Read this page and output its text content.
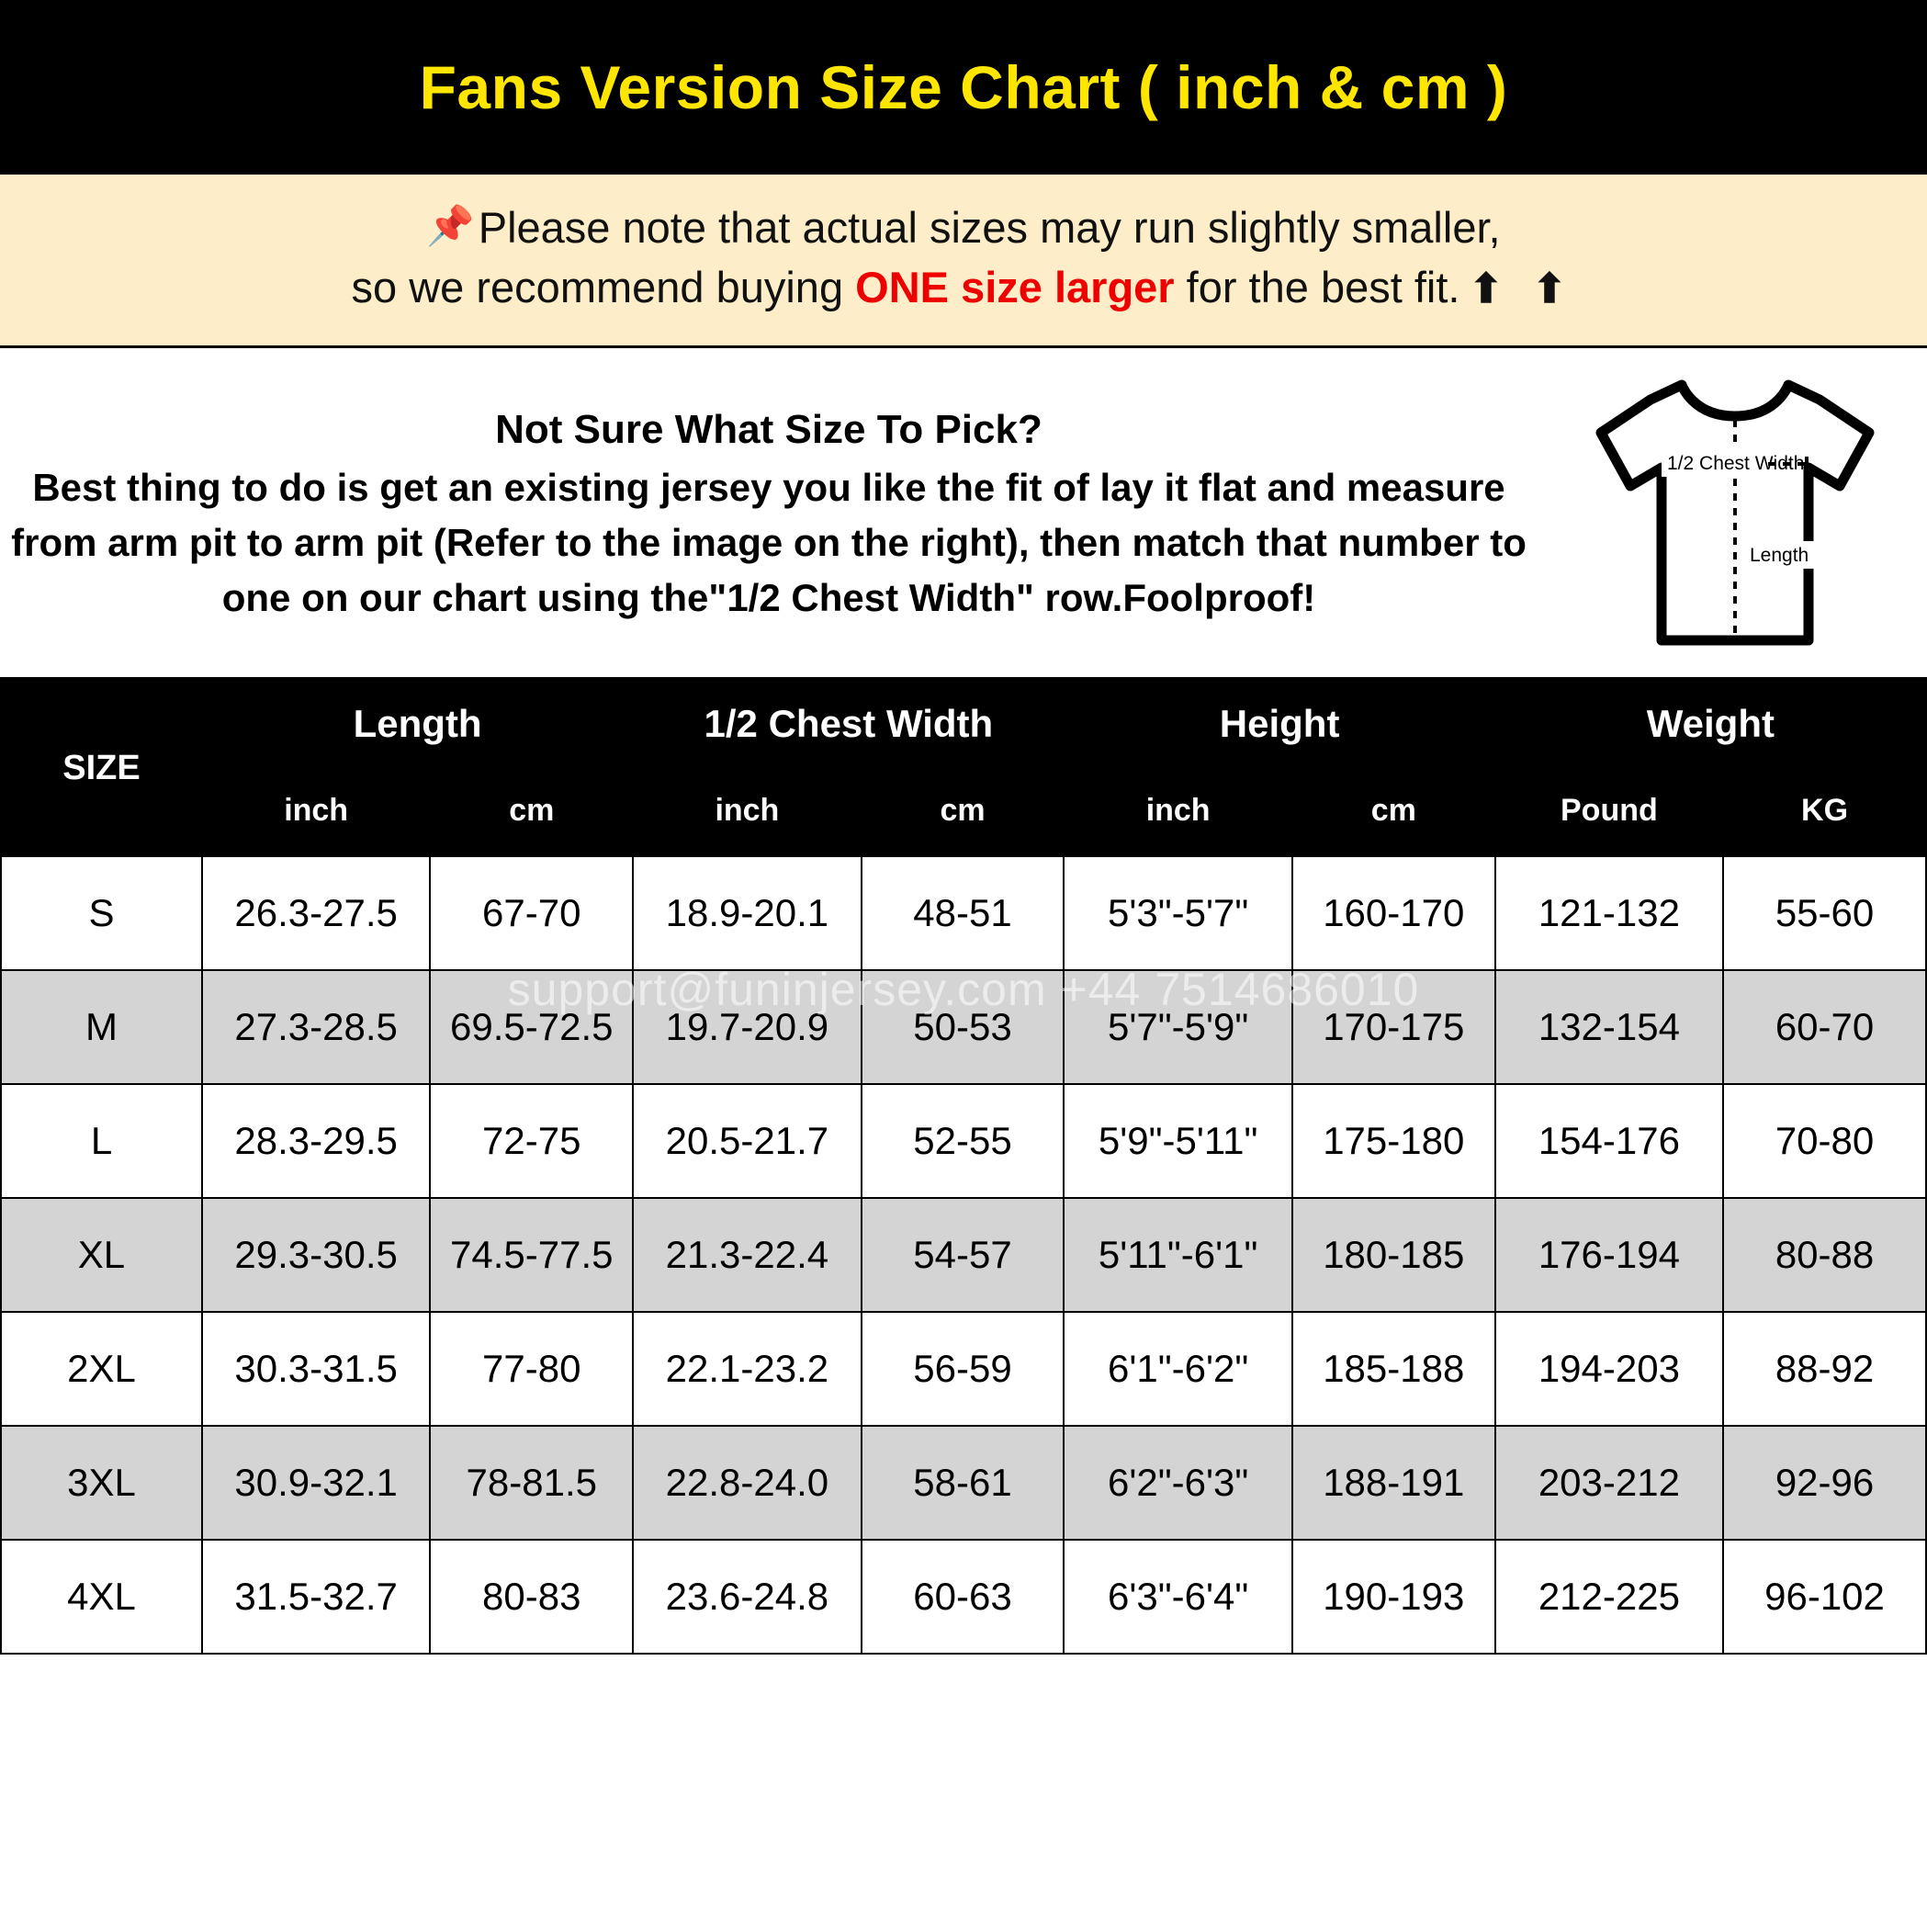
Fans Version Size Chart ( inch & cm )
📌Please note that actual sizes may run slightly smaller,
so we recommend buying ONE size larger for the best fit. ⬆ ⬆
Not Sure What Size To Pick?
Best thing to do is get an existing jersey you like the fit of lay it flat and measure from arm pit to arm pit (Refer to the image on the right), then match that number to one on our chart using the"1/2 Chest Width" row.Foolproof!
1/2 Chest Width
Length
SIZE	Length		1/2 Chest Width		Height		Weight	
	inch	cm	inch	cm	inch	cm	Pound	KG
S	26.3-27.5	67-70	18.9-20.1	48-51	5'3"-5'7"	160-170	121-132	55-60
M	27.3-28.5	69.5-72.5	19.7-20.9	50-53	5'7"-5'9"	170-175	132-154	60-70
L	28.3-29.5	72-75	20.5-21.7	52-55	5'9"-5'11"	175-180	154-176	70-80
XL	29.3-30.5	74.5-77.5	21.3-22.4	54-57	5'11"-6'1"	180-185	176-194	80-88
2XL	30.3-31.5	77-80	22.1-23.2	56-59	6'1"-6'2"	185-188	194-203	88-92
3XL	30.9-32.1	78-81.5	22.8-24.0	58-61	6'2"-6'3"	188-191	203-212	92-96
4XL	31.5-32.7	80-83	23.6-24.8	60-63	6'3"-6'4"	190-193	212-225	96-102
support@funinjersey.com +44 7514686010
